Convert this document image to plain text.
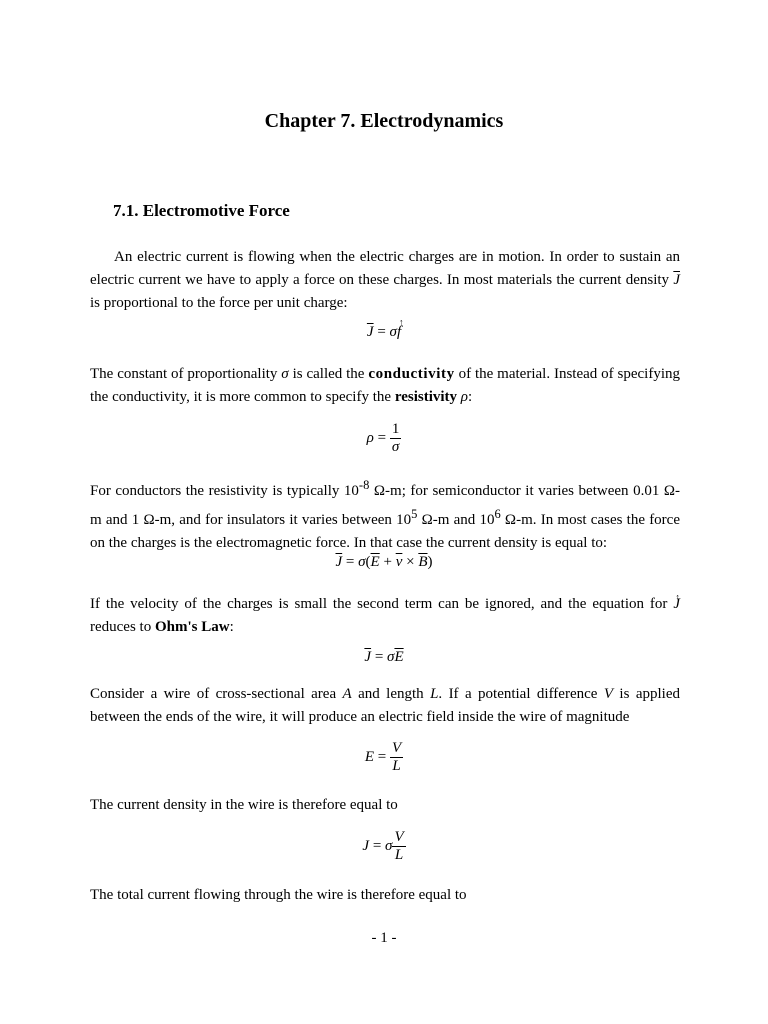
Chapter 7. Electrodynamics
7.1. Electromotive Force

An electric current is flowing when the electric charges are in motion. In order to sustain an electric current we have to apply a force on these charges. In most materials the current density $\overline{J}$ is proportional to the force per unit charge:

$\overline{J}$ = σ↑ f

The constant of proportionality σ is called the conductivity of the material. Instead of specifying the conductivity, it is more common to specify the resistivity ρ:

$\rho = \frac{1}{\sigma}$

For conductors the resistivity is typically $10^{-8}$ Ω-m; for semiconductor it varies between 0.01 Ω-m and 1 Ω-m, and for insulators it varies between $10^5$ Ω-m and $10^6$ Ω-m. In most cases the force on the charges is the electromagnetic force. In that case the current density is equal to:

$\overline{J} = \sigma(\overline{E} + \overline{v} \times \overline{B})$

If the velocity of the charges is small the second term can be ignored, and the equation for ↑ J reduces to Ohm's Law:

$\overline{J} = \sigma\overline{E}$

Consider a wire of cross-sectional area A and length L. If a potential difference V is applied between the ends of the wire, it will produce an electric field inside the wire of magnitude

$E = \frac{V}{L}$

The current density in the wire is therefore equal to

J = σ $\frac{V}{L}$

The total current flowing through the wire is therefore equal to

- 1 -
